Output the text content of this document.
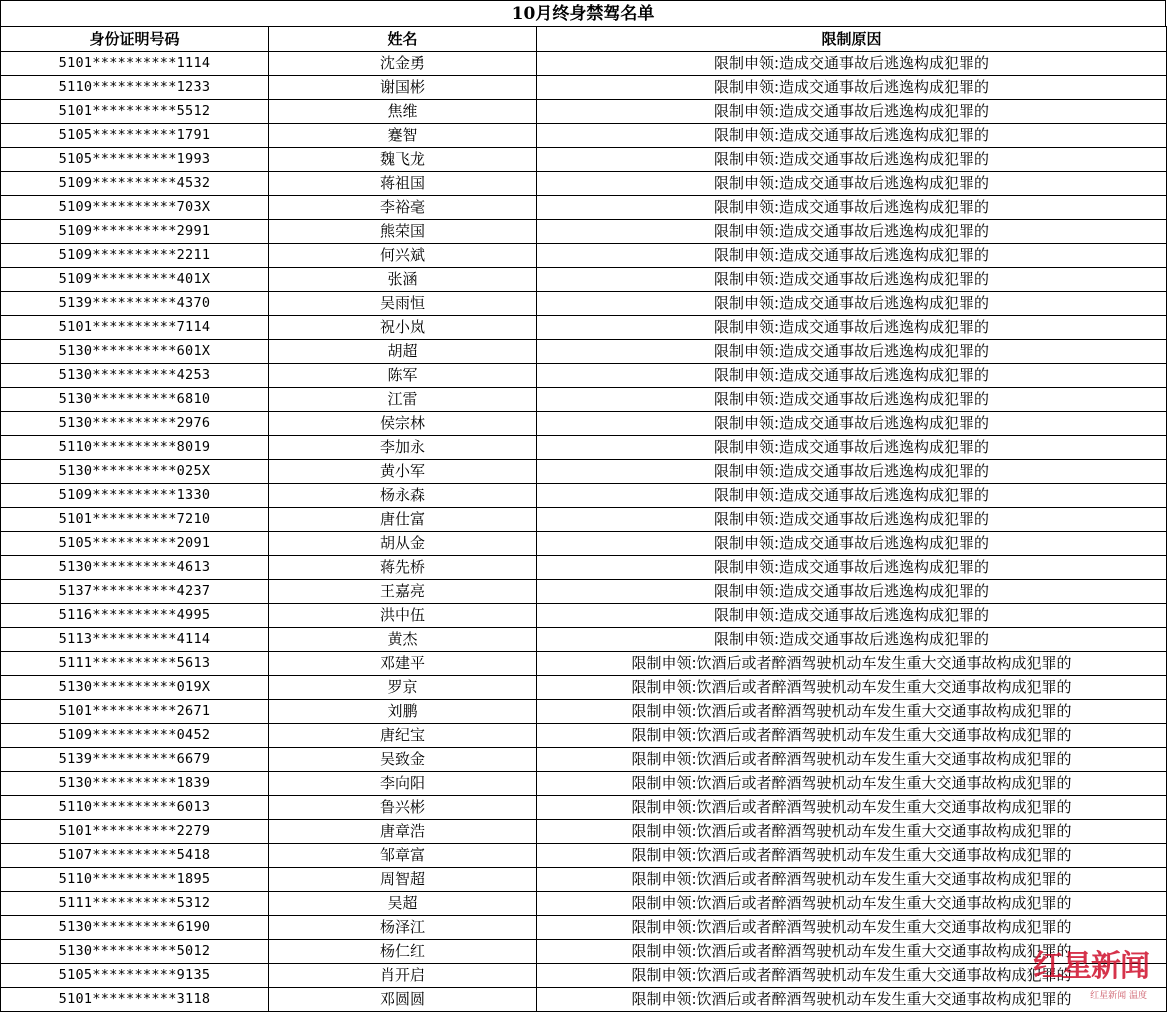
10月终身禁驾名单
身份证明号码	姓名	限制原因
5101**********1114	沈金勇	限制申领:造成交通事故后逃逸构成犯罪的
5110**********1233	谢国彬	限制申领:造成交通事故后逃逸构成犯罪的
5101**********5512	焦维	限制申领:造成交通事故后逃逸构成犯罪的
5105**********1791	蹇智	限制申领:造成交通事故后逃逸构成犯罪的
5105**********1993	魏飞龙	限制申领:造成交通事故后逃逸构成犯罪的
5109**********4532	蒋祖国	限制申领:造成交通事故后逃逸构成犯罪的
5109**********703X	李裕毫	限制申领:造成交通事故后逃逸构成犯罪的
5109**********2991	熊荣国	限制申领:造成交通事故后逃逸构成犯罪的
5109**********2211	何兴斌	限制申领:造成交通事故后逃逸构成犯罪的
5109**********401X	张涵	限制申领:造成交通事故后逃逸构成犯罪的
5139**********4370	吴雨恒	限制申领:造成交通事故后逃逸构成犯罪的
5101**********7114	祝小岚	限制申领:造成交通事故后逃逸构成犯罪的
5130**********601X	胡超	限制申领:造成交通事故后逃逸构成犯罪的
5130**********4253	陈军	限制申领:造成交通事故后逃逸构成犯罪的
5130**********6810	江雷	限制申领:造成交通事故后逃逸构成犯罪的
5130**********2976	侯宗林	限制申领:造成交通事故后逃逸构成犯罪的
5110**********8019	李加永	限制申领:造成交通事故后逃逸构成犯罪的
5130**********025X	黄小军	限制申领:造成交通事故后逃逸构成犯罪的
5109**********1330	杨永森	限制申领:造成交通事故后逃逸构成犯罪的
5101**********7210	唐仕富	限制申领:造成交通事故后逃逸构成犯罪的
5105**********2091	胡从金	限制申领:造成交通事故后逃逸构成犯罪的
5130**********4613	蒋先桥	限制申领:造成交通事故后逃逸构成犯罪的
5137**********4237	王嘉亮	限制申领:造成交通事故后逃逸构成犯罪的
5116**********4995	洪中伍	限制申领:造成交通事故后逃逸构成犯罪的
5113**********4114	黄杰	限制申领:造成交通事故后逃逸构成犯罪的
5111**********5613	邓建平	限制申领:饮酒后或者醉酒驾驶机动车发生重大交通事故构成犯罪的
5130**********019X	罗京	限制申领:饮酒后或者醉酒驾驶机动车发生重大交通事故构成犯罪的
5101**********2671	刘鹏	限制申领:饮酒后或者醉酒驾驶机动车发生重大交通事故构成犯罪的
5109**********0452	唐纪宝	限制申领:饮酒后或者醉酒驾驶机动车发生重大交通事故构成犯罪的
5139**********6679	吴致金	限制申领:饮酒后或者醉酒驾驶机动车发生重大交通事故构成犯罪的
5130**********1839	李向阳	限制申领:饮酒后或者醉酒驾驶机动车发生重大交通事故构成犯罪的
5110**********6013	鲁兴彬	限制申领:饮酒后或者醉酒驾驶机动车发生重大交通事故构成犯罪的
5101**********2279	唐章浩	限制申领:饮酒后或者醉酒驾驶机动车发生重大交通事故构成犯罪的
5107**********5418	邹章富	限制申领:饮酒后或者醉酒驾驶机动车发生重大交通事故构成犯罪的
5110**********1895	周智超	限制申领:饮酒后或者醉酒驾驶机动车发生重大交通事故构成犯罪的
5111**********5312	吴超	限制申领:饮酒后或者醉酒驾驶机动车发生重大交通事故构成犯罪的
5130**********6190	杨泽江	限制申领:饮酒后或者醉酒驾驶机动车发生重大交通事故构成犯罪的
5130**********5012	杨仁红	限制申领:饮酒后或者醉酒驾驶机动车发生重大交通事故构成犯罪的
5105**********9135	肖开启	限制申领:饮酒后或者醉酒驾驶机动车发生重大交通事故构成犯罪的
5101**********3118	邓圆圆	限制申领:饮酒后或者醉酒驾驶机动车发生重大交通事故构成犯罪的
红星新闻
红星新闻 温度
